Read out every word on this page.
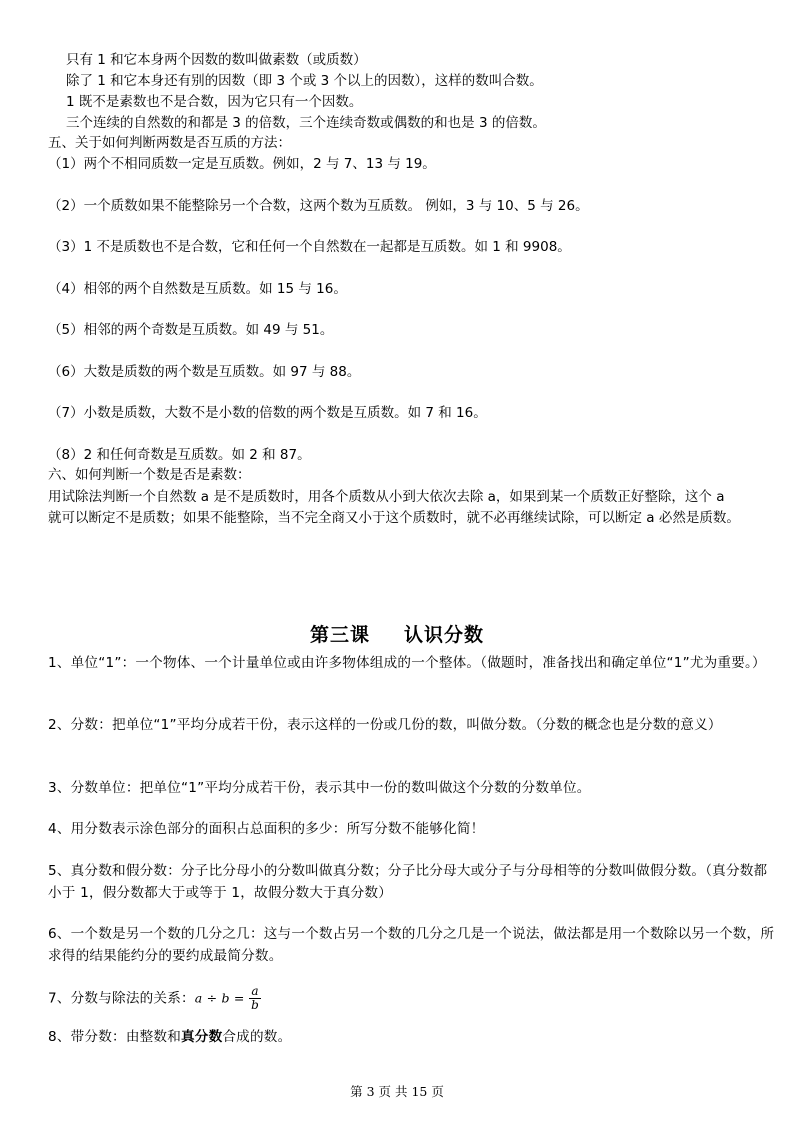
只有 1 和它本身两个因数的数叫做素数（或质数）
除了 1 和它本身还有别的因数（即 3 个或 3 个以上的因数），这样的数叫合数。
1 既不是素数也不是合数，因为它只有一个因数。
三个连续的自然数的和都是 3 的倍数，三个连续奇数或偶数的和也是 3 的倍数。
五、关于如何判断两数是否互质的方法：
（1）两个不相同质数一定是互质数。例如，2 与 7、13 与 19。
（2）一个质数如果不能整除另一个合数，这两个数为互质数。 例如，3 与 10、5 与 26。
（3）1 不是质数也不是合数，它和任何一个自然数在一起都是互质数。如 1 和 9908。
（4）相邻的两个自然数是互质数。如 15 与 16。
（5）相邻的两个奇数是互质数。如 49 与 51。
（6）大数是质数的两个数是互质数。如 97 与 88。
（7）小数是质数，大数不是小数的倍数的两个数是互质数。如 7 和 16。
（8）2 和任何奇数是互质数。如 2 和 87。
六、如何判断一个数是否是素数：
用试除法判断一个自然数 a 是不是质数时，用各个质数从小到大依次去除 a，如果到某一个质数正好整除，这个 a
就可以断定不是质数；如果不能整除，当不完全商又小于这个质数时，就不必再继续试除，可以断定 a 必然是质数。
第三课 认识分数
1、单位“1”：一个物体、一个计量单位或由许多物体组成的一个整体。（做题时，准备找出和确定单位“1”尤为重要。）
2、分数：把单位“1”平均分成若干份，表示这样的一份或几份的数，叫做分数。（分数的概念也是分数的意义）
3、分数单位：把单位“1”平均分成若干份，表示其中一份的数叫做这个分数的分数单位。
4、用分数表示涂色部分的面积占总面积的多少：所写分数不能够化简！
5、真分数和假分数：分子比分母小的分数叫做真分数；分子比分母大或分子与分母相等的分数叫做假分数。（真分数都小于 1，假分数都大于或等于 1，故假分数大于真分数）
6、一个数是另一个数的几分之几：这与一个数占另一个数的几分之几是一个说法，做法都是用一个数除以另一个数，所求得的结果能约分的要约成最简分数。
7、分数与除法的关系：$a \div b = \frac{a}{b}$
8、带分数：由整数和真分数合成的数。
第 3 页 共 15 页
